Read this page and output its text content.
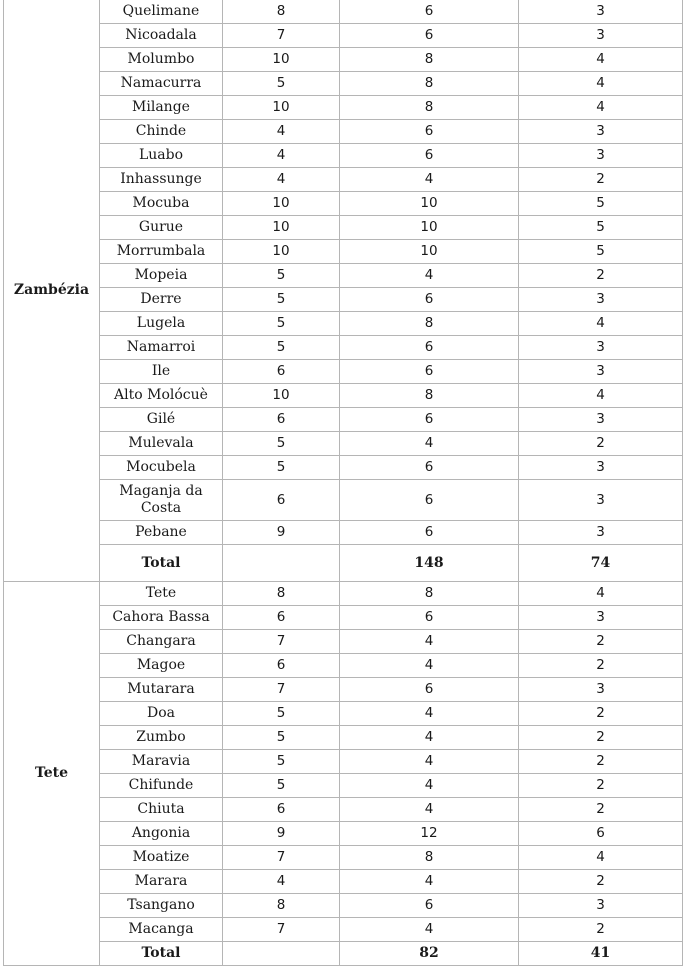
Zambézia	Quelimane	8	6	3
	Nicoadala	7	6	3
	Molumbo	10	8	4
	Namacurra	5	8	4
	Milange	10	8	4
	Chinde	4	6	3
	Luabo	4	6	3
	Inhassunge	4	4	2
	Mocuba	10	10	5
	Gurue	10	10	5
	Morrumbala	10	10	5
	Mopeia	5	4	2
	Derre	5	6	3
	Lugela	5	8	4
	Namarroi	5	6	3
	Ile	6	6	3
	Alto Molócuè	10	8	4
	Gilé	6	6	3
	Mulevala	5	4	2
	Mocubela	5	6	3
	Maganja da Costa	6	6	3
	Pebane	9	6	3
	Total		148	74
Tete	Tete	8	8	4
	Cahora Bassa	6	6	3
	Changara	7	4	2
	Magoe	6	4	2
	Mutarara	7	6	3
	Doa	5	4	2
	Zumbo	5	4	2
	Maravia	5	4	2
	Chifunde	5	4	2
	Chiuta	6	4	2
	Angonia	9	12	6
	Moatize	7	8	4
	Marara	4	4	2
	Tsangano	8	6	3
	Macanga	7	4	2
	Total		82	41
